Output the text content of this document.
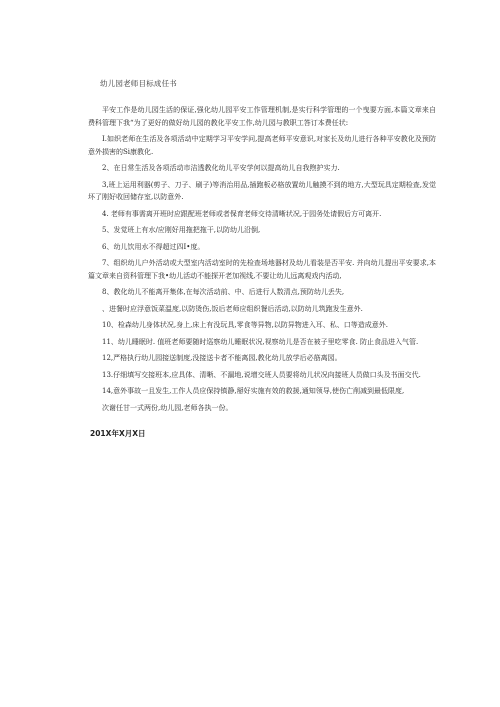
幼儿园老师目标成任书

平安工作是幼儿园生活的保证,强化幼儿园平安工作管理机制,是实行科学管理的一个曳要方面,本篇文章来自费科管理下我“为了更好的做好幼儿园的教化平安工作,幼儿园与教职工答订本费任状:

I.如织老师在生活及各项活动中定期学习平安学问,提高老师平安意识,对家长及幼儿进行各种平安教化及预防意外损害的Si康教化.

2、在日常生活及各项活动市洁透教化幼儿平安学何以提高幼儿自我煦护实力.

3,班上运用利器(剪子、刀子、刷子)等消治用品,插跑板必格放置幼儿触摸不到的地方,大型玩具定期检查,发觉坏了刚好收回储存室,以防意外.

4. 老师有事需离开班时应跟配班老师或者保育老师交待清晰状况,于园务处请假后方可离开.

5、发觉班上有水/应刚好用拖把拖干,以防幼儿沿倒,

6、幼儿饮用水不得超过四I•度。

7、组织幼儿户外活动或大型室内活动室时的先检查场地器材及幼儿看装是否平安. 并向幼儿提出平安要求,本篇文章来自资科管理下我•幼儿活动不能探开老加视线,不要让幼儿远离观戏内活动,

8、教化幼儿不能离开集体,在每次活动前、中、后进行人数清点,预防幼儿丢失,

、进餐时应浮意饭菜温度,以防烫伤,饭后老师应组织餐后活动,以防幼儿筑跑发生意外.

10、检森幼儿身体状况,身上,床上有没玩具,零食等异物,以防异物进入耳、私、口等造成意外.

11、幼儿睡眠时. 值班老师要随时巡察幼儿睡眠状况,视察幼儿是否在被子里吃零食. 防止食品进入气管.

12,严格执行幼儿园接送制度,没接送卡者不能离园,教化幼儿放学后必筋离园。

13.仔细填写交接班本,应具体、清晰、不漏地,说增交班人员要将幼儿状况向接班人员做口头及书面交代.

14,意外事故一且发生,工作人员应保持镇静,掰好实施有效的救援,通知领导,使伤亡削减到最低限度,

次谢任甘一式两份,幼儿园,老师各执一份。

201X年X月X日
